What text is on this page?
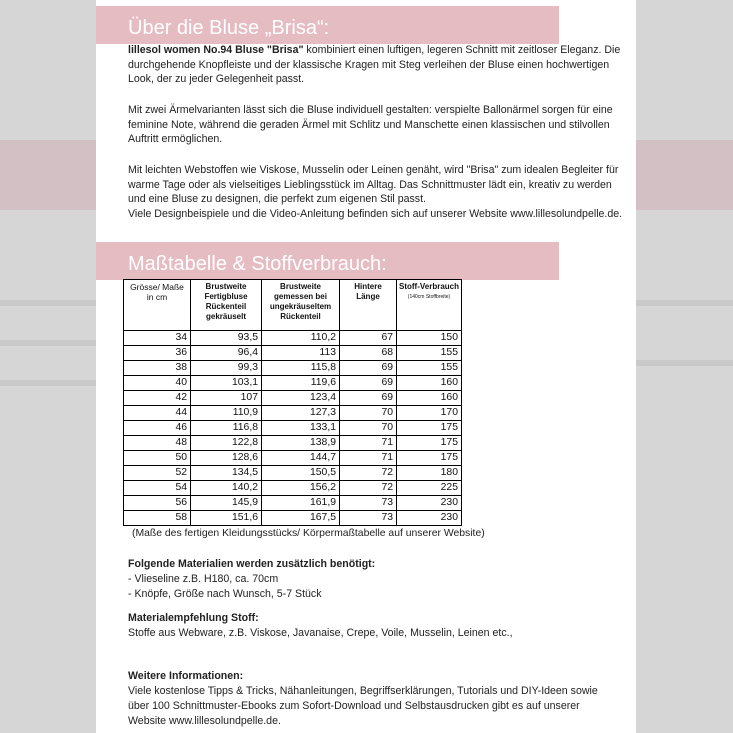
Über die Bluse „Brisa“:
lillesol women No.94 Bluse "Brisa" kombiniert einen luftigen, legeren Schnitt mit zeitloser Eleganz. Die durchgehende Knopfleiste und der klassische Kragen mit Steg verleihen der Bluse einen hochwertigen Look, der zu jeder Gelegenheit passt.
Mit zwei Ärmelvarianten lässt sich die Bluse individuell gestalten: verspielte Ballonärmel sorgen für eine feminine Note, während die geraden Ärmel mit Schlitz und Manschette einen klassischen und stilvollen Auftritt ermöglichen.
Mit leichten Webstoffen wie Viskose, Musselin oder Leinen genäht, wird "Brisa" zum idealen Begleiter für warme Tage oder als vielseitiges Lieblingsstück im Alltag. Das Schnittmuster lädt ein, kreativ zu werden und eine Bluse zu designen, die perfekt zum eigenen Stil passt.
Viele Designbeispiele und die Video-Anleitung befinden sich auf unserer Website www.lillesolundpelle.de.
Maßtabelle & Stoffverbrauch:
Grösse/ Maße in cm	Brustweite Fertigbluse Rückenteil gekräuselt	Brustweite gemessen bei ungekräuseltem Rückenteil	Hintere Länge	Stoff-Verbrauch
(140cm Stoffbreite)

34	93,5	110,2	67	150
36	96,4	113	68	155
38	99,3	115,8	69	155
40	103,1	119,6	69	160
42	107	123,4	69	160
44	110,9	127,3	70	170
46	116,8	133,1	70	175
48	122,8	138,9	71	175
50	128,6	144,7	71	175
52	134,5	150,5	72	180
54	140,2	156,2	72	225
56	145,9	161,9	73	230
58	151,6	167,5	73	230
(Maße des fertigen Kleidungsstücks/ Körpermaßtabelle auf unserer Website)
Folgende Materialien werden zusätzlich benötigt:
- Vlieseline z.B. H180, ca. 70cm
- Knöpfe, Größe nach Wunsch, 5-7 Stück
Materialempfehlung Stoff:
Stoffe aus Webware, z.B. Viskose, Javanaise, Crepe, Voile, Musselin, Leinen etc.,
Weitere Informationen:
Viele kostenlose Tipps & Tricks, Nähanleitungen, Begriffserklärungen, Tutorials und DIY-Ideen sowie
über 100 Schnittmuster-Ebooks zum Sofort-Download und Selbstausdrucken gibt es auf unserer
Website www.lillesolundpelle.de.
